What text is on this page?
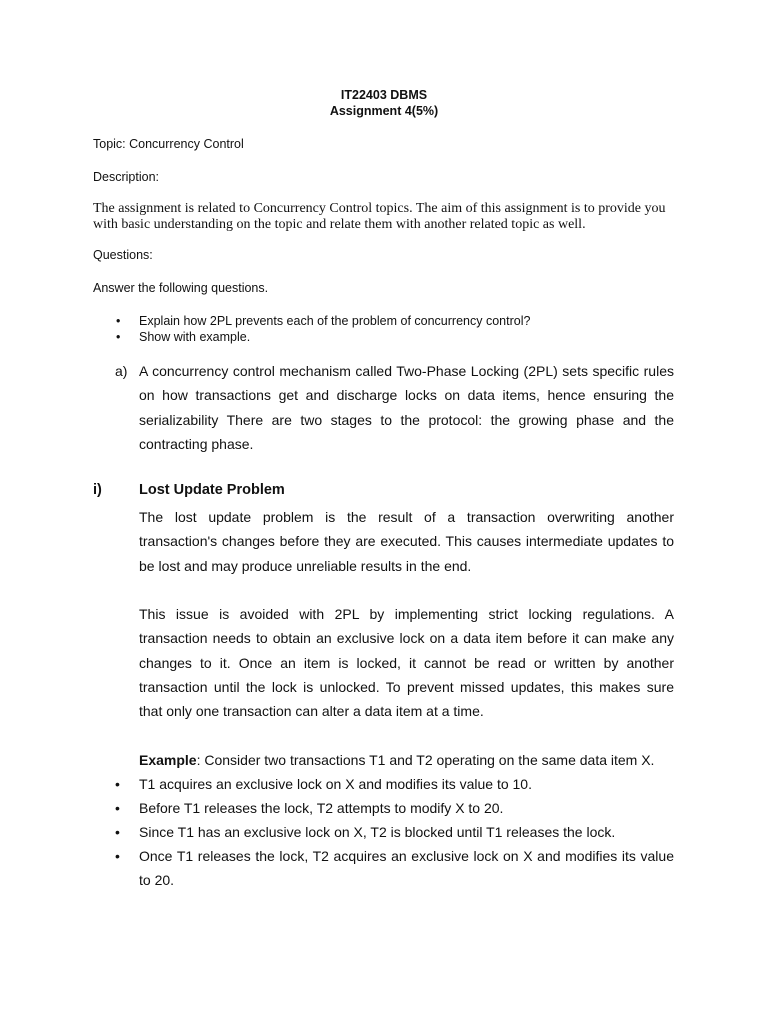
IT22403 DBMS
Assignment 4(5%)
Topic: Concurrency Control
Description:
The assignment is related to Concurrency Control topics. The aim of this assignment is to provide you
with basic understanding on the topic and relate them with another related topic as well.
Questions:
Answer the following questions.
• Explain how 2PL prevents each of the problem of concurrency control?
• Show with example.
a) A concurrency control mechanism called Two-Phase Locking (2PL) sets specific rules
on how transactions get and discharge locks on data items, hence ensuring the
serializability There are two stages to the protocol: the growing phase and the
contracting phase.
i)	Lost Update Problem
The lost update problem is the result of a transaction overwriting another
transaction's changes before they are executed. This causes intermediate updates to
be lost and may produce unreliable results in the end.
This issue is avoided with 2PL by implementing strict locking regulations. A
transaction needs to obtain an exclusive lock on a data item before it can make any
changes to it. Once an item is locked, it cannot be read or written by another
transaction until the lock is unlocked. To prevent missed updates, this makes sure
that only one transaction can alter a data item at a time.
Example: Consider two transactions T1 and T2 operating on the same data item X.
• T1 acquires an exclusive lock on X and modifies its value to 10.
• Before T1 releases the lock, T2 attempts to modify X to 20.
• Since T1 has an exclusive lock on X, T2 is blocked until T1 releases the lock.
• Once T1 releases the lock, T2 acquires an exclusive lock on X and modifies its value
to 20.
